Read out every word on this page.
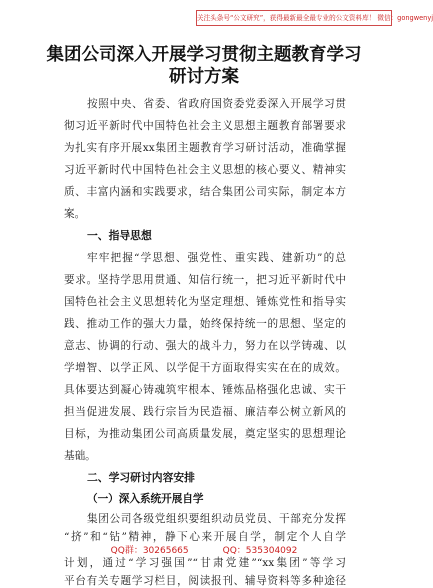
关注头条号“公文研究”，获得最新最全最专业的公文资料库！ 微信：gongwenyj
集团公司深入开展学习贯彻主题教育学习
研讨方案
按照中央、省委、省政府国资委党委深入开展学习贯
彻习近平新时代中国特色社会主义思想主题教育部署要求
为扎实有序开展xx集团主题教育学习研讨活动，准确掌握
习近平新时代中国特色社会主义思想的核心要义、精神实
质、丰富内涵和实践要求，结合集团公司实际，制定本方
案。
一、指导思想
牢牢把握“学思想、强党性、重实践、建新功”的总
要求。坚持学思用贯通、知信行统一，把习近平新时代中
国特色社会主义思想转化为坚定理想、锤炼党性和指导实
践、推动工作的强大力量，始终保持统一的思想、坚定的
意志、协调的行动、强大的战斗力，努力在以学铸魂、以
学增智、以学正风、以学促干方面取得实实在在的成效。
具体要达到凝心铸魂筑牢根本、锤炼品格强化忠诚、实干
担当促进发展、践行宗旨为民造福、廉洁奉公树立新风的
目标，为推动集团公司高质量发展，奠定坚实的思想理论
基础。
二、学习研讨内容安排
（一）深入系统开展自学
集团公司各级党组织要组织动员党员、干部充分发挥
“挤”和“钻”精神，静下心来开展自学，制定个人自学
计划，通过“学习强国”“甘肃党建”“xx集团”等学习
平台有关专题学习栏目，阅读报刊、辅导资料等多种途径
QQ群：30265665	QQ：535304092
